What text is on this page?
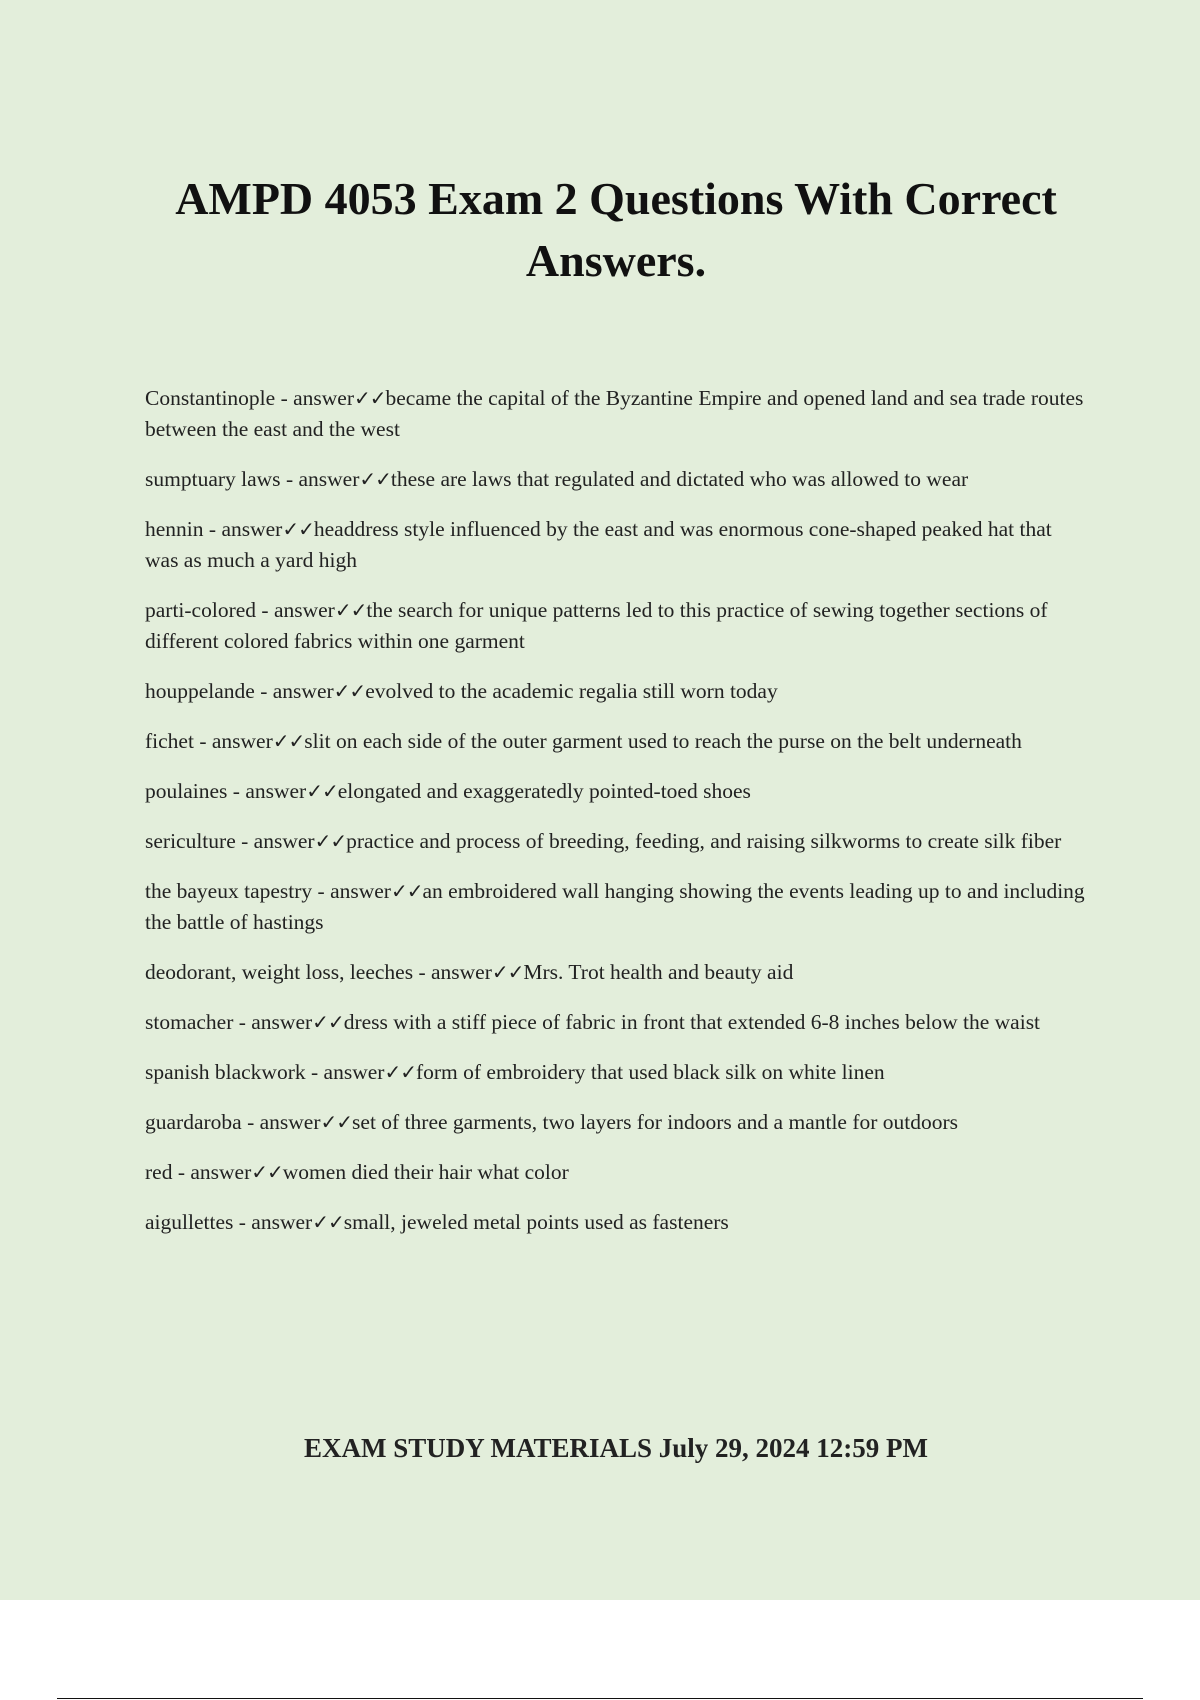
AMPD 4053 Exam 2 Questions With Correct Answers.
Constantinople - answer✓✓became the capital of the Byzantine Empire and opened land and sea trade routes between the east and the west
sumptuary laws - answer✓✓these are laws that regulated and dictated who was allowed to wear
hennin - answer✓✓headdress style influenced by the east and was enormous cone-shaped peaked hat that was as much a yard high
parti-colored - answer✓✓the search for unique patterns led to this practice of sewing together sections of different colored fabrics within one garment
houppelande - answer✓✓evolved to the academic regalia still worn today
fichet - answer✓✓slit on each side of the outer garment used to reach the purse on the belt underneath
poulaines - answer✓✓elongated and exaggeratedly pointed-toed shoes
sericulture - answer✓✓practice and process of breeding, feeding, and raising silkworms to create silk fiber
the bayeux tapestry - answer✓✓an embroidered wall hanging showing the events leading up to and including the battle of hastings
deodorant, weight loss, leeches - answer✓✓Mrs. Trot health and beauty aid
stomacher - answer✓✓dress with a stiff piece of fabric in front that extended 6-8 inches below the waist
spanish blackwork - answer✓✓form of embroidery that used black silk on white linen
guardaroba - answer✓✓set of three garments, two layers for indoors and a mantle for outdoors
red - answer✓✓women died their hair what color
aigullettes - answer✓✓small, jeweled metal points used as fasteners

EXAM STUDY MATERIALS July 29, 2024 12:59 PM
